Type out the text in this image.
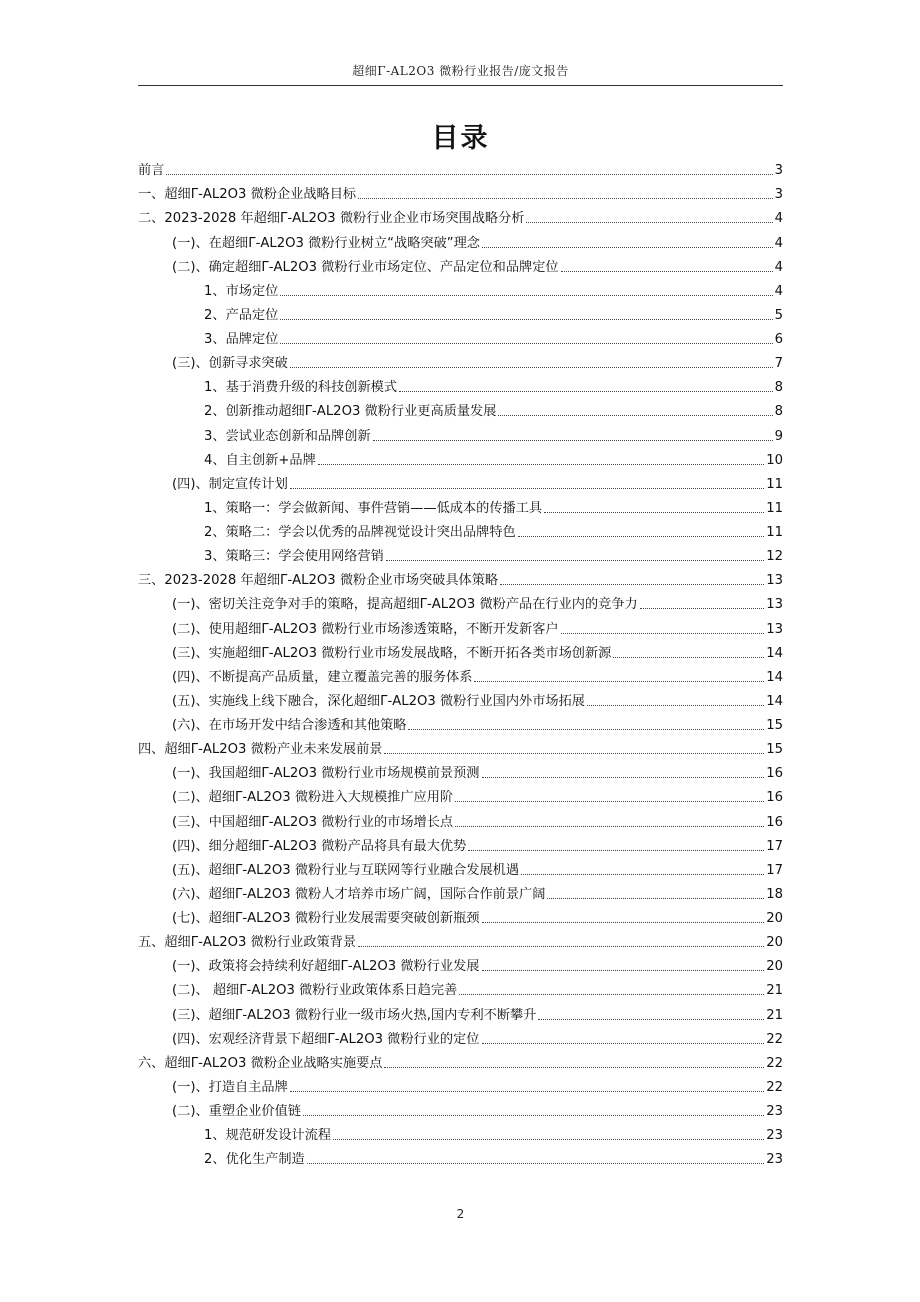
超细Γ-AL2O3 微粉行业报告/庞文报告
目录
前言	3
一、超细Γ-AL2O3 微粉企业战略目标	3
二、2023-2028 年超细Γ-AL2O3 微粉行业企业市场突围战略分析	4
(一)、在超细Γ-AL2O3 微粉行业树立“战略突破”理念	4
(二)、确定超细Γ-AL2O3 微粉行业市场定位、产品定位和品牌定位	4
1、市场定位	4
2、产品定位	5
3、品牌定位	6
(三)、创新寻求突破	7
1、基于消费升级的科技创新模式	8
2、创新推动超细Γ-AL2O3 微粉行业更高质量发展	8
3、尝试业态创新和品牌创新	9
4、自主创新+品牌	10
(四)、制定宣传计划	11
1、策略一：学会做新闻、事件营销——低成本的传播工具	11
2、策略二：学会以优秀的品牌视觉设计突出品牌特色	11
3、策略三：学会使用网络营销	12
三、2023-2028 年超细Γ-AL2O3 微粉企业市场突破具体策略	13
(一)、密切关注竞争对手的策略，提高超细Γ-AL2O3 微粉产品在行业内的竞争力	13
(二)、使用超细Γ-AL2O3 微粉行业市场渗透策略，不断开发新客户	13
(三)、实施超细Γ-AL2O3 微粉行业市场发展战略，不断开拓各类市场创新源	14
(四)、不断提高产品质量，建立覆盖完善的服务体系	14
(五)、实施线上线下融合，深化超细Γ-AL2O3 微粉行业国内外市场拓展	14
(六)、在市场开发中结合渗透和其他策略	15
四、超细Γ-AL2O3 微粉产业未来发展前景	15
(一)、我国超细Γ-AL2O3 微粉行业市场规模前景预测	16
(二)、超细Γ-AL2O3 微粉进入大规模推广应用阶	16
(三)、中国超细Γ-AL2O3 微粉行业的市场增长点	16
(四)、细分超细Γ-AL2O3 微粉产品将具有最大优势	17
(五)、超细Γ-AL2O3 微粉行业与互联网等行业融合发展机遇	17
(六)、超细Γ-AL2O3 微粉人才培养市场广阔，国际合作前景广阔	18
(七)、超细Γ-AL2O3 微粉行业发展需要突破创新瓶颈	20
五、超细Γ-AL2O3 微粉行业政策背景	20
(一)、政策将会持续利好超细Γ-AL2O3 微粉行业发展	20
(二)、 超细Γ-AL2O3 微粉行业政策体系日趋完善	21
(三)、超细Γ-AL2O3 微粉行业一级市场火热,国内专利不断攀升	21
(四)、宏观经济背景下超细Γ-AL2O3 微粉行业的定位	22
六、超细Γ-AL2O3 微粉企业战略实施要点	22
(一)、打造自主品牌	22
(二)、重塑企业价值链	23
1、规范研发设计流程	23
2、优化生产制造	23
2
